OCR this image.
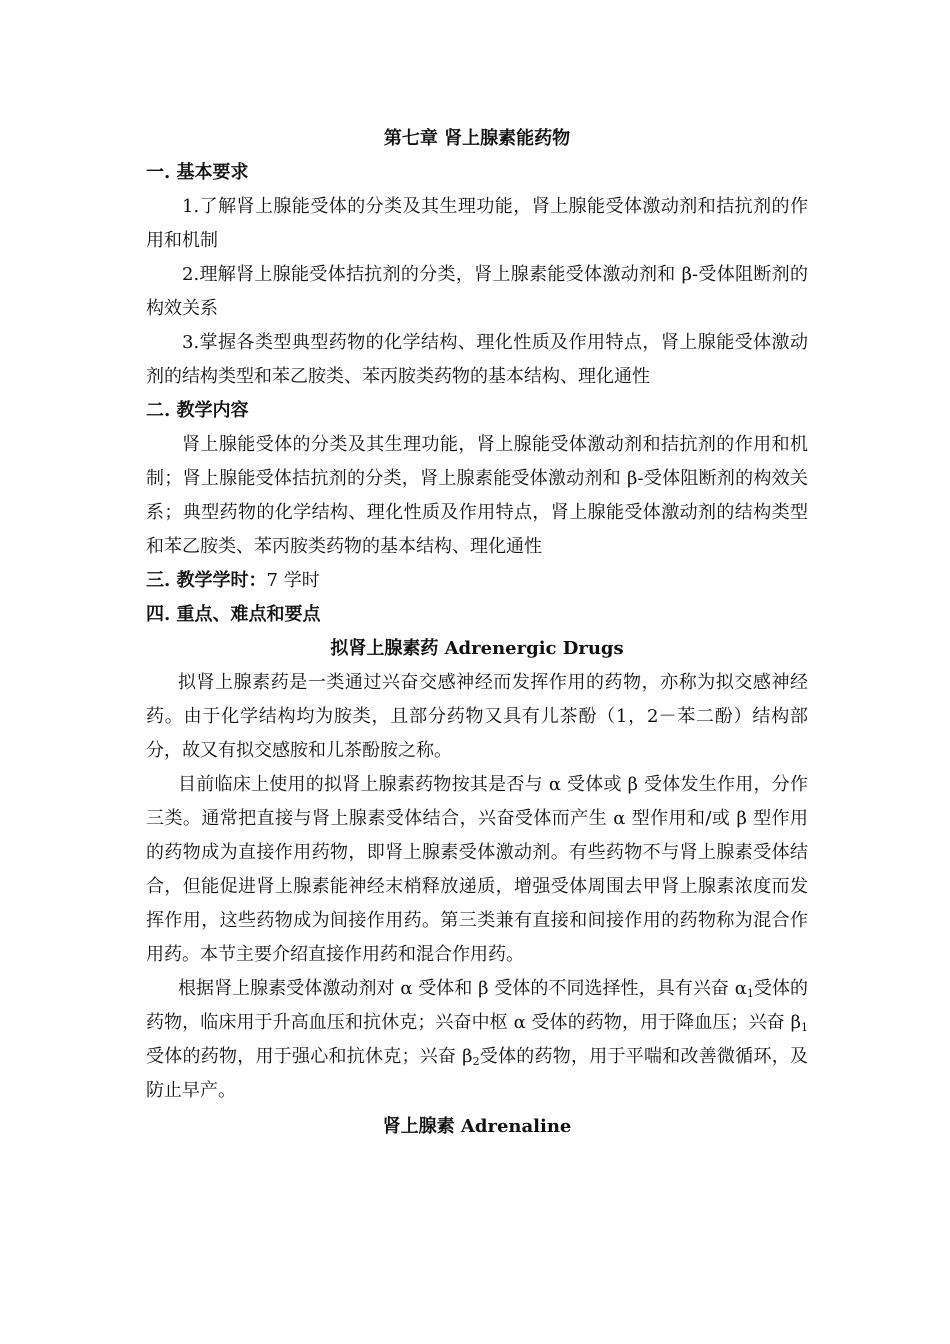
第七章 肾上腺素能药物
一. 基本要求

1.了解肾上腺能受体的分类及其生理功能，肾上腺能受体激动剂和拮抗剂的作用和机制

2.理解肾上腺能受体拮抗剂的分类，肾上腺素能受体激动剂和 β-受体阻断剂的构效关系

3.掌握各类型典型药物的化学结构、理化性质及作用特点，肾上腺能受体激动剂的结构类型和苯乙胺类、苯丙胺类药物的基本结构、理化通性

二. 教学内容

肾上腺能受体的分类及其生理功能，肾上腺能受体激动剂和拮抗剂的作用和机制；肾上腺能受体拮抗剂的分类，肾上腺素能受体激动剂和 β-受体阻断剂的构效关系；典型药物的化学结构、理化性质及作用特点，肾上腺能受体激动剂的结构类型和苯乙胺类、苯丙胺类药物的基本结构、理化通性

三. 教学学时：7 学时
四. 重点、难点和要点
拟肾上腺素药 Adrenergic Drugs

拟肾上腺素药是一类通过兴奋交感神经而发挥作用的药物，亦称为拟交感神经药。由于化学结构均为胺类，且部分药物又具有儿茶酚（1，2－苯二酚）结构部分，故又有拟交感胺和儿茶酚胺之称。

目前临床上使用的拟肾上腺素药物按其是否与 α 受体或 β 受体发生作用，分作三类。通常把直接与肾上腺素受体结合，兴奋受体而产生 α 型作用和/或 β 型作用的药物成为直接作用药物，即肾上腺素受体激动剂。有些药物不与肾上腺素受体结合，但能促进肾上腺素能神经末梢释放递质，增强受体周围去甲肾上腺素浓度而发挥作用，这些药物成为间接作用药。第三类兼有直接和间接作用的药物称为混合作用药。本节主要介绍直接作用药和混合作用药。

根据肾上腺素受体激动剂对 α 受体和 β 受体的不同选择性，具有兴奋 $\alpha_1$受体的药物，临床用于升高血压和抗休克；兴奋中枢 α 受体的药物，用于降血压；兴奋 $\beta_1$受体的药物，用于强心和抗休克；兴奋 $\beta_2$受体的药物，用于平喘和改善微循环，及防止早产。

肾上腺素 Adrenaline
